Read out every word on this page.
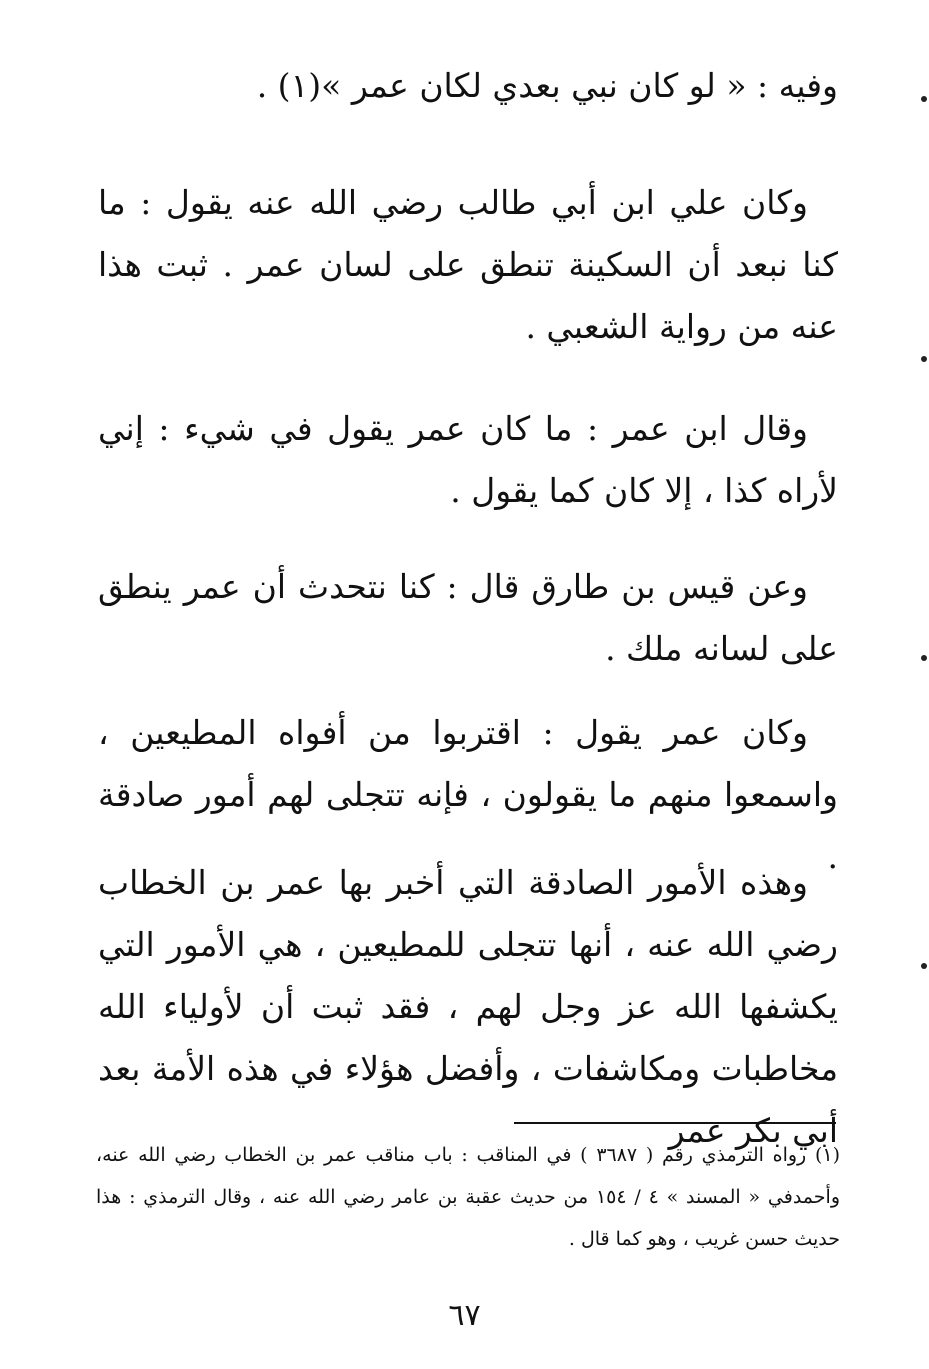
وفيه : « لو كان نبي بعدي لكان عمر »(١) .

وكان علي ابن أبي طالب رضي الله عنه يقول : ما كنا نبعد أن السكينة تنطق على لسان عمر . ثبت هذا عنه من رواية الشعبي .

وقال ابن عمر : ما كان عمر يقول في شيء : إني لأراه كذا ، إلا كان كما يقول .

وعن قيس بن طارق قال : كنا نتحدث أن عمر ينطق على لسانه ملك .

وكان عمر يقول : اقتربوا من أفواه المطيعين ، واسمعوا منهم ما يقولون ، فإنه تتجلى لهم أمور صادقة .

وهذه الأمور الصادقة التي أخبر بها عمر بن الخطاب رضي الله عنه ، أنها تتجلى للمطيعين ، هي الأمور التي يكشفها الله عز وجل لهم ، فقد ثبت أن لأولياء الله مخاطبات ومكاشفات ، وأفضل هؤلاء في هذه الأمة بعد أبي بكر عمر

(١) رواه الترمذي رقم ( ٣٦٨٧ ) في المناقب : باب مناقب عمر بن الخطاب رضي الله عنه، وأحمدفي « المسند » ٤ / ١٥٤ من حديث عقبة بن عامر رضي الله عنه ، وقال الترمذي : هذا حديث حسن غريب ، وهو كما قال .

٦٧
